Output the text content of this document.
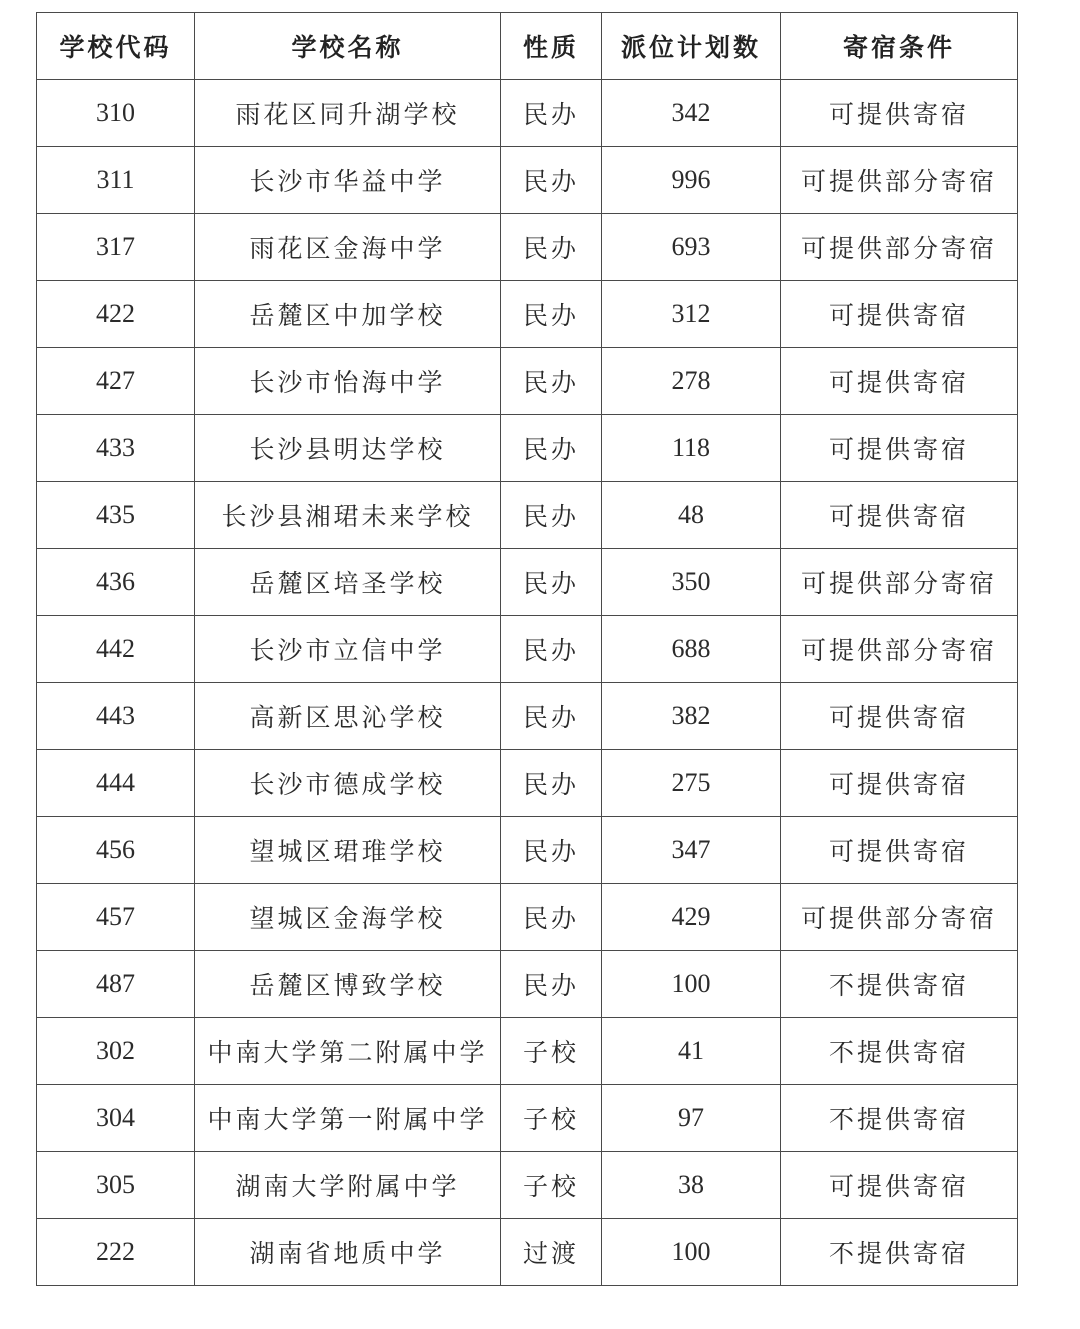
学校代码	学校名称	性质	派位计划数	寄宿条件
310	雨花区同升湖学校	民办	342	可提供寄宿
311	长沙市华益中学	民办	996	可提供部分寄宿
317	雨花区金海中学	民办	693	可提供部分寄宿
422	岳麓区中加学校	民办	312	可提供寄宿
427	长沙市怡海中学	民办	278	可提供寄宿
433	长沙县明达学校	民办	118	可提供寄宿
435	长沙县湘珺未来学校	民办	48	可提供寄宿
436	岳麓区培圣学校	民办	350	可提供部分寄宿
442	长沙市立信中学	民办	688	可提供部分寄宿
443	高新区思沁学校	民办	382	可提供寄宿
444	长沙市德成学校	民办	275	可提供寄宿
456	望城区珺琟学校	民办	347	可提供寄宿
457	望城区金海学校	民办	429	可提供部分寄宿
487	岳麓区博致学校	民办	100	不提供寄宿
302	中南大学第二附属中学	子校	41	不提供寄宿
304	中南大学第一附属中学	子校	97	不提供寄宿
305	湖南大学附属中学	子校	38	可提供寄宿
222	湖南省地质中学	过渡	100	不提供寄宿
